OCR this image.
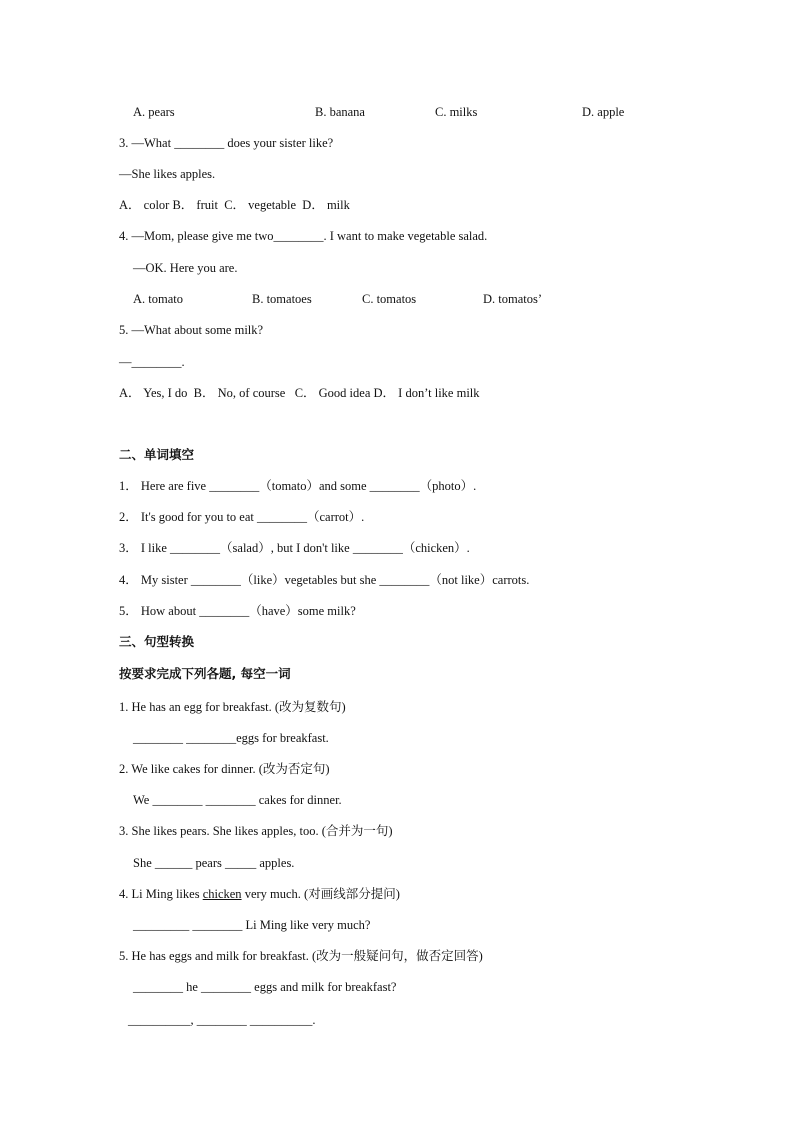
A. pears	B. banana	C. milks	D. apple
3. —What ________ does your sister like?
—She likes apples.
A． color B． fruit  C． vegetable  D． milk
4. —Mom, please give me two________. I want to make vegetable salad.
—OK. Here you are.
A. tomato	B. tomatoes	C. tomatos	D. tomatos’
5. —What about some milk?
—________.
A． Yes, I do  B． No, of course   C． Good idea D． I don’t like milk
二、单词填空
1． Here are five ________（tomato）and some ________（photo）.
2． It's good for you to eat ________（carrot）.
3． I like ________（salad）, but I don't like ________（chicken）.
4． My sister ________（like）vegetables but she ________（not like）carrots.
5． How about ________（have）some milk?
三、句型转换
按要求完成下列各题, 每空一词
1. He has an egg for breakfast. (改为复数句)
________ ________eggs for breakfast.
2. We like cakes for dinner. (改为否定句)
We ________ ________ cakes for dinner.
3. She likes pears. She likes apples, too. (合并为一句)
She ______ pears _____ apples.
4. Li Ming likes chicken very much. (对画线部分提问)
_________ ________ Li Ming like very much?
5. He has eggs and milk for breakfast. (改为一般疑问句，做否定回答)
________ he ________ eggs and milk for breakfast?
__________, ________ __________.
